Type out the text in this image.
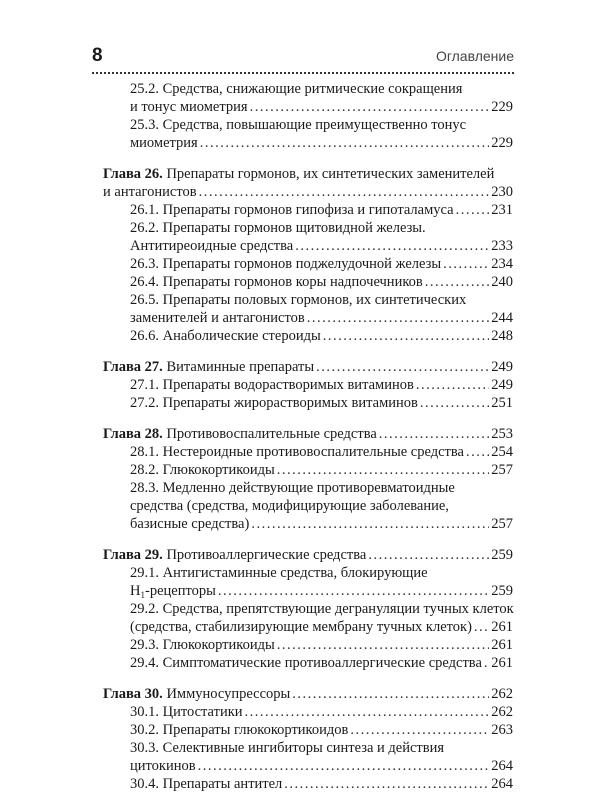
8	Оглавление
25.2. Средства, снижающие ритмические сокращения
и тонус миометрия .....	229
25.3. Средства, повышающие преимущественно тонус
миометрия .....	229
Глава 26. Препараты гормонов, их синтетических заменителей
и антагонистов .....	230
26.1. Препараты гормонов гипофиза и гипоталамуса .....	231
26.2. Препараты гормонов щитовидной железы.
Антитиреоидные средства .....	233
26.3. Препараты гормонов поджелудочной железы .....	234
26.4. Препараты гормонов коры надпочечников .....	240
26.5. Препараты половых гормонов, их синтетических
заменителей и антагонистов .....	244
26.6. Анаболические стероиды .....	248
Глава 27. Витаминные препараты .....	249
27.1. Препараты водорастворимых витаминов .....	249
27.2. Препараты жирорастворимых витаминов .....	251
Глава 28. Противовоспалительные средства .....	253
28.1. Нестероидные противовоспалительные средства ..... 254
28.2. Глюкокортикоиды .....	257
28.3. Медленно действующие противоревматоидные
средства (средства, модифицирующие заболевание,
базисные средства) .....	257
Глава 29. Противоаллергические средства .....	259
29.1. Антигистаминные средства, блокирующие
$H_1$-рецепторы .....	259
29.2. Средства, препятствующие дегрануляции тучных клеток
(средства, стабилизирующие мембрану тучных клеток) ..... 261
29.3. Глюкокортикоиды .....	261
29.4. Симптоматические противоаллергические средства ..... 261
Глава 30. Иммуносупрессоры .....	262
30.1. Цитостатики .....	262
30.2. Препараты глюкокортикоидов .....	263
30.3. Селективные ингибиторы синтеза и действия
цитокинов .....	264
30.4. Препараты антител .....	264
